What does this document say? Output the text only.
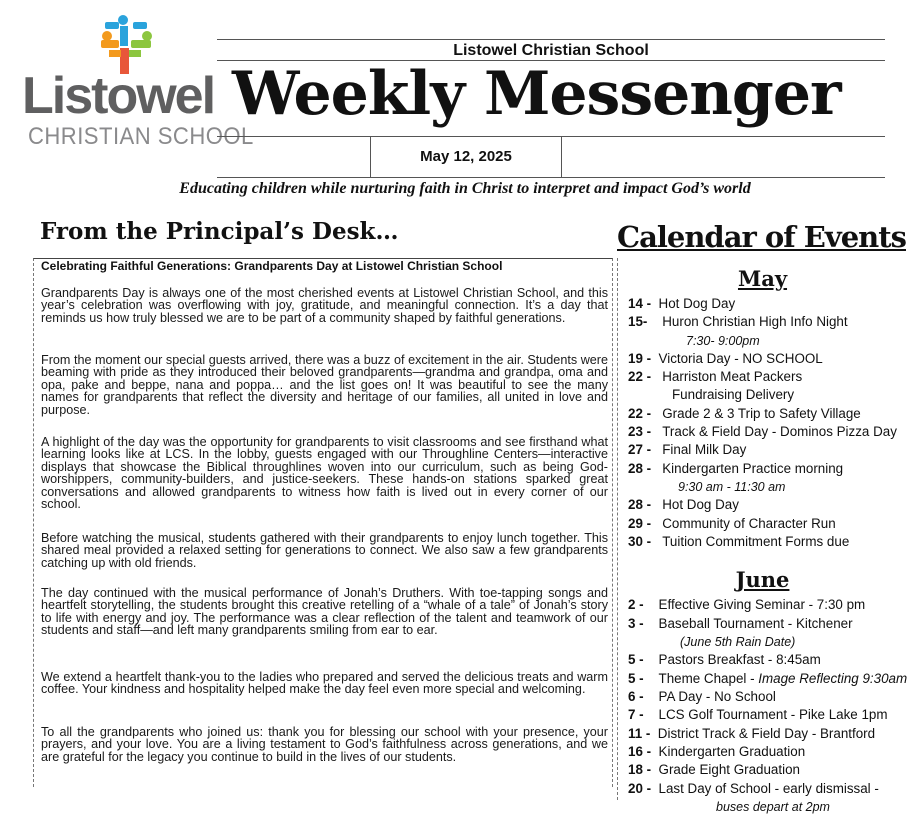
Listowel
CHRISTIAN SCHOOL
Listowel Christian School
Weekly Messenger
May 12, 2025
Educating children while nurturing faith in Christ to interpret and impact God’s world
From the Principal’s Desk…
Celebrating Faithful Generations: Grandparents Day at Listowel Christian School
Grandparents Day is always one of the most cherished events at Listowel Christian School, and this year’s celebration was overflowing with joy, gratitude, and meaningful connection. It’s a day that reminds us how truly blessed we are to be part of a community shaped by faithful generations.
From the moment our special guests arrived, there was a buzz of excitement in the air. Students were beaming with pride as they introduced their beloved grandparents—grandma and grandpa, oma and opa, pake and beppe, nana and poppa… and the list goes on! It was beautiful to see the many names for grandparents that reflect the diversity and heritage of our families, all united in love and purpose.
A highlight of the day was the opportunity for grandparents to visit classrooms and see firsthand what learning looks like at LCS. In the lobby, guests engaged with our Throughline Centers—interactive displays that showcase the Biblical throughlines woven into our curriculum, such as being God-worshippers, community-builders, and justice-seekers. These hands-on stations sparked great conversations and allowed grandparents to witness how faith is lived out in every corner of our school.
Before watching the musical, students gathered with their grandparents to enjoy lunch together. This shared meal provided a relaxed setting for generations to connect. We also saw a few grandparents catching up with old friends.
The day continued with the musical performance of Jonah’s Druthers. With toe-tapping songs and heartfelt storytelling, the students brought this creative retelling of a “whale of a tale” of Jonah’s story to life with energy and joy. The performance was a clear reflection of the talent and teamwork of our students and staff—and left many grandparents smiling from ear to ear.
We extend a heartfelt thank-you to the ladies who prepared and served the delicious treats and warm coffee. Your kindness and hospitality helped make the day feel even more special and welcoming.
To all the grandparents who joined us: thank you for blessing our school with your presence, your prayers, and your love. You are a living testament to God’s faithfulness across generations, and we are grateful for the legacy you continue to build in the lives of our students.
Calendar of Events
May
14 - Hot Dog Day
15- Huron Christian High Info Night
7:30- 9:00pm
19 - Victoria Day - NO SCHOOL
22 - Harriston Meat Packers
Fundraising Delivery
22 - Grade 2 & 3 Trip to Safety Village
23 - Track & Field Day - Dominos Pizza Day
27 - Final Milk Day
28 - Kindergarten Practice morning
9:30 am - 11:30 am
28 - Hot Dog Day
29 - Community of Character Run
30 - Tuition Commitment Forms due
June
2 - Effective Giving Seminar - 7:30 pm
3 - Baseball Tournament - Kitchener
(June 5th Rain Date)
5 - Pastors Breakfast - 8:45am
5 - Theme Chapel - Image Reflecting 9:30am
6 - PA Day - No School
7 - LCS Golf Tournament - Pike Lake 1pm
11 - District Track & Field Day - Brantford
16 - Kindergarten Graduation
18 - Grade Eight Graduation
20 - Last Day of School - early dismissal -
buses depart at 2pm
